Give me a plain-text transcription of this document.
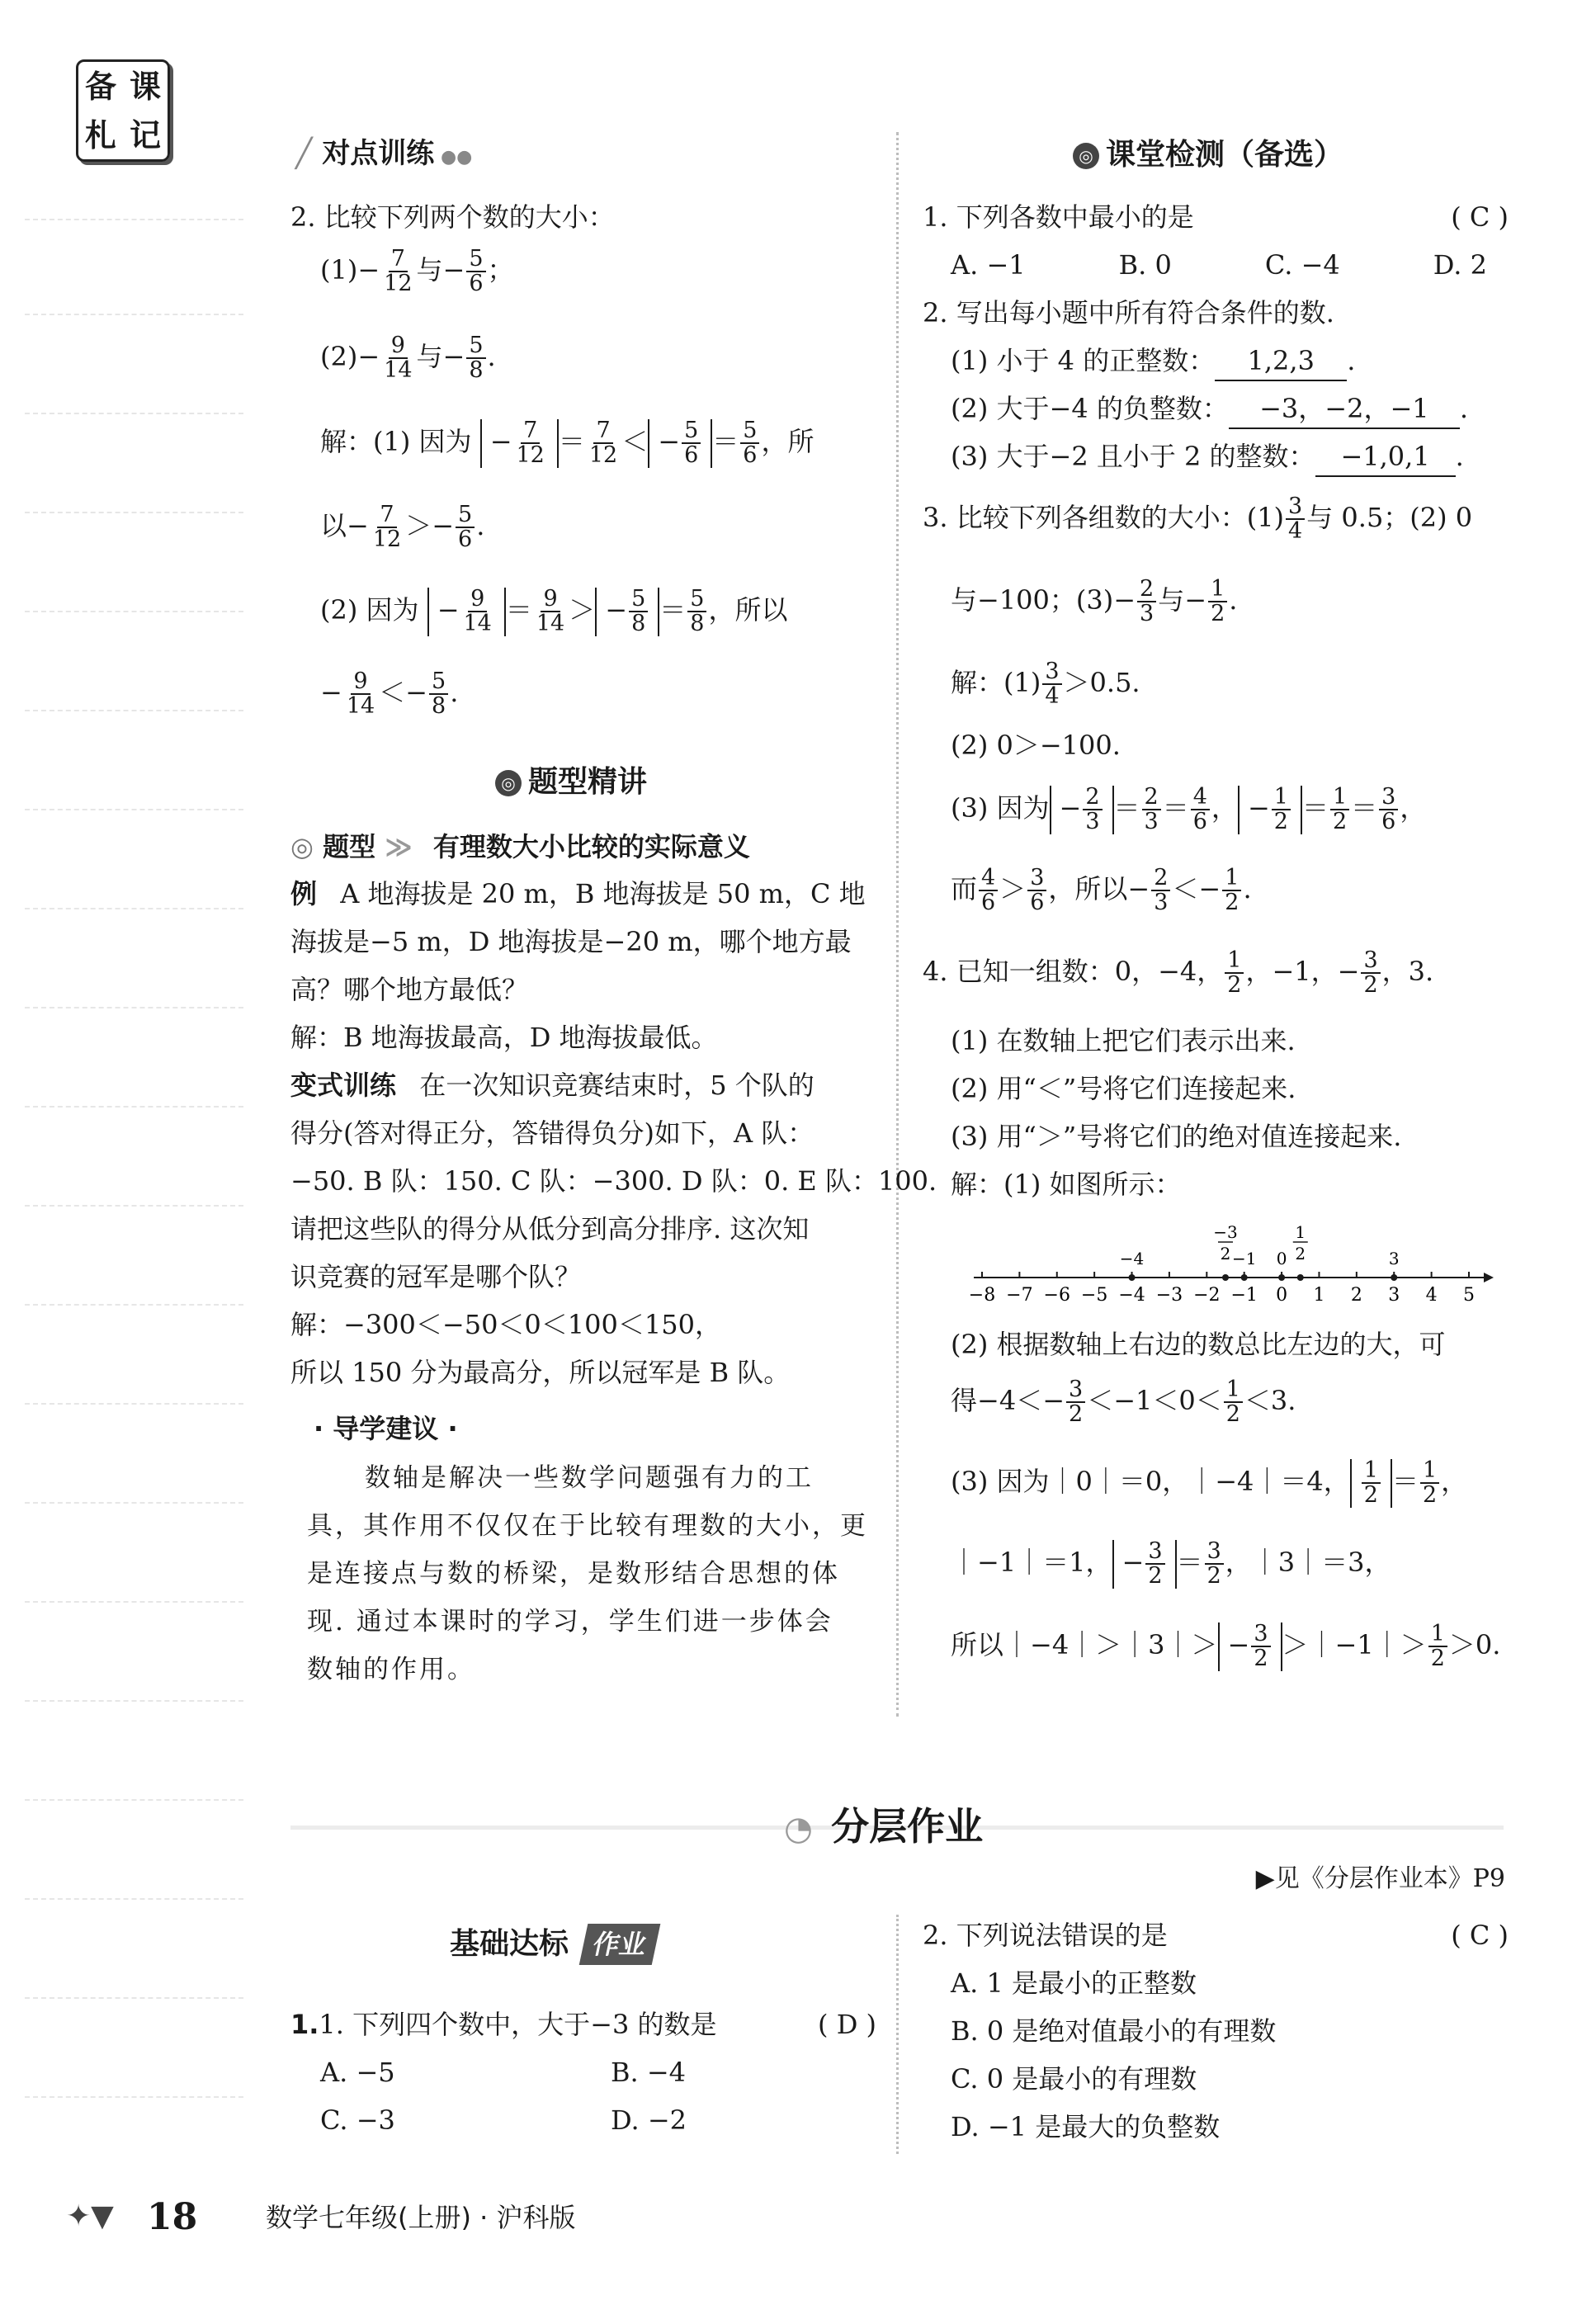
备 课
札 记
╱ 对点训练 ●●
2. 比较下列两个数的大小：
$(1)- \frac{7}{12}$ 与− $\frac{5}{6}$ ；
$(2)- \frac{9}{14}$ 与− $\frac{5}{8}$ .
解：(1) 因为 − $\frac{7}{12} = \frac{7}{12}$ ＜ − $\frac{5}{6} = \frac{5}{6}$ ，所
以− $\frac{7}{12} >- \frac{5}{6}$ .
(2) 因为 − $\frac{9}{14} = \frac{9}{14}$ ＞ − $\frac{5}{8} = \frac{5}{8}$ ，所以
− $\frac{9}{14} <- \frac{5}{8}$ .
◎ 题型精讲
◎ 题型 ≫ 有理数大小比较的实际意义
例 A 地海拔是 20 m，B 地海拔是 50 m，C 地
海拔是−5 m，D 地海拔是−20 m，哪个地方最
高？哪个地方最低？
解：B 地海拔最高，D 地海拔最低。
变式训练 在一次知识竞赛结束时，5 个队的
得分(答对得正分，答错得负分)如下，A 队：
−50. B 队：150. C 队：−300. D 队：0. E 队：100.
请把这些队的得分从低分到高分排序. 这次知
识竞赛的冠军是哪个队？
解：−300＜−50＜0＜100＜150，
所以 150 分为最高分，所以冠军是 B 队。
· 导学建议 ·
数轴是解决一些数学问题强有力的工
具，其作用不仅仅在于比较有理数的大小，更
是连接点与数的桥梁，是数形结合思想的体
现. 通过本课时的学习，学生们进一步体会
数轴的作用。
◎ 课堂检测（备选）
1. 下列各数中最小的是	( C )
A. −1	B. 0	C. −4	D. 2
2. 写出每小题中所有符合条件的数.
(1) 小于 4 的正整数： 1,2,3 .
(2) 大于−4 的负整数： −3，−2，−1 .
(3) 大于−2 且小于 2 的整数： −1,0,1 .
3. 比较下列各组数的大小：$(1) \frac{3}{4}$ 与 0.5；(2) 0
与−100；$(3)- \frac{2}{3}$ 与− $\frac{1}{2}$ .
解：$(1) \frac{3}{4} >0.5$.
(2) 0＞−100.
(3) 因为 − $\frac{2}{3} = \frac{2}{3} = \frac{4}{6}$ ， − $\frac{1}{2} = \frac{1}{2} = \frac{3}{6}$ ，
而 $\frac{4}{6} > \frac{3}{6}$ ，所以− $\frac{2}{3} <- \frac{1}{2}$ .
4. 已知一组数：0，−4， $\frac{1}{2}$ ，−1，− $\frac{3}{2}$ ，3.
(1) 在数轴上把它们表示出来.
(2) 用“＜”号将它们连接起来.
(3) 用“＞”号将它们的绝对值连接起来.
解：(1) 如图所示：
−8 −7 −6 −5 −4 −3 −2 −1 0 1 2 3 4 5
−4
−3
2 −1 0
1
2	3
(2) 根据数轴上右边的数总比左边的大，可
得$-4<- \frac{3}{2} <-1<0< \frac{1}{2} <3$.
(3) 因为｜0｜＝0，｜−4｜＝4， $\frac{1}{2} = \frac{1}{2}$ ，
｜−1｜＝1， − $\frac{3}{2} = \frac{3}{2}$ ，｜3｜＝3，
所以｜−4｜＞｜3｜＞ − $\frac{3}{2}$ ＞｜−1｜＞ $\frac{1}{2} >0$.
◔ 分层作业
▶见《分层作业本》P9
基础达标 作业
1.1. 下列四个数中，大于−3 的数是	( D )
A. −5	B. −4
C. −3	D. −2
2. 下列说法错误的是	( C )
A. 1 是最小的正整数
B. 0 是绝对值最小的有理数
C. 0 是最小的有理数
D. −1 是最大的负整数
✦▼ 18	数学七年级(上册) · 沪科版
